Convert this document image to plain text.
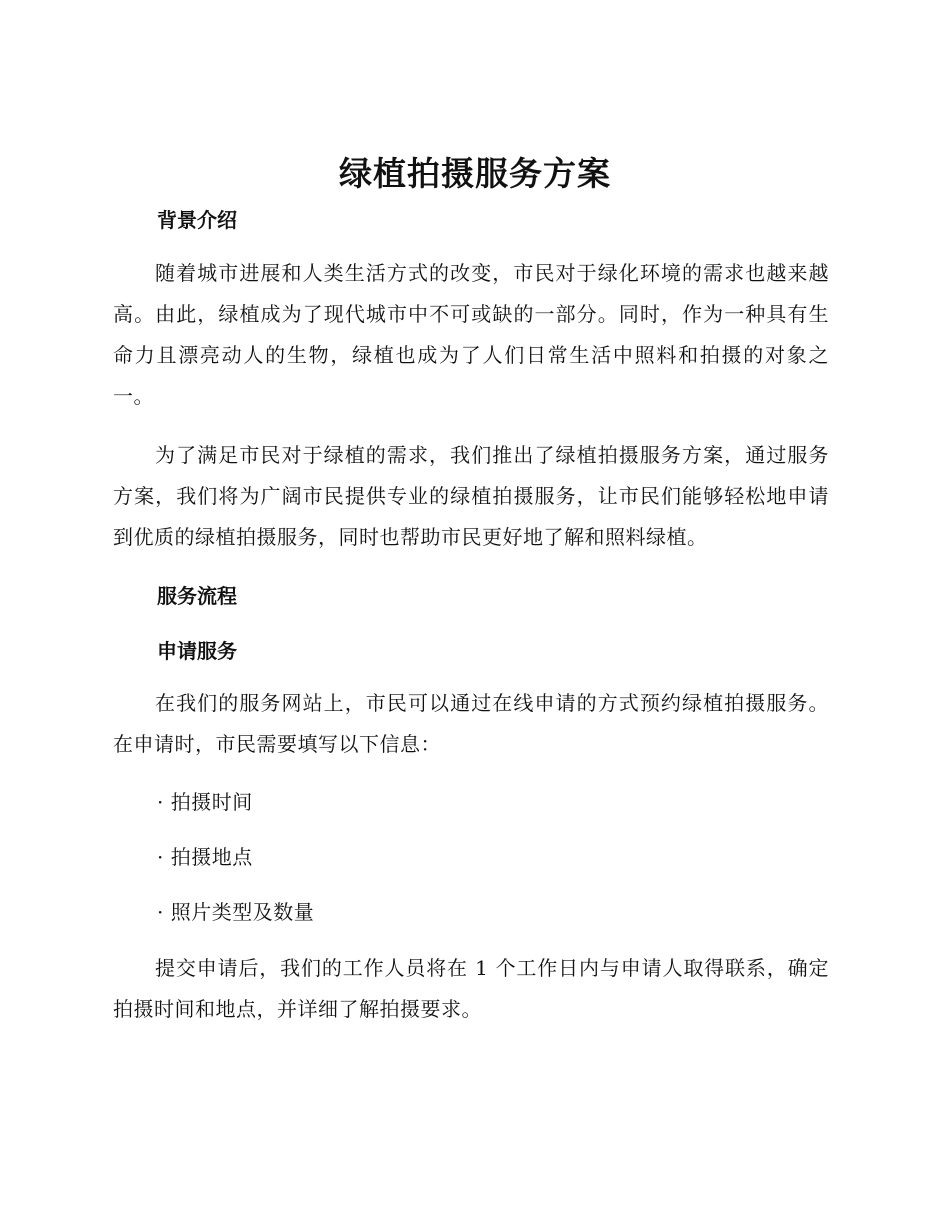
绿植拍摄服务方案
背景介绍

随着城市进展和人类生活方式的改变，市民对于绿化环境的需求也越来越高。由此，绿植成为了现代城市中不可或缺的一部分。同时，作为一种具有生命力且漂亮动人的生物，绿植也成为了人们日常生活中照料和拍摄的对象之一。

为了满足市民对于绿植的需求，我们推出了绿植拍摄服务方案，通过服务方案，我们将为广阔市民提供专业的绿植拍摄服务，让市民们能够轻松地申请到优质的绿植拍摄服务，同时也帮助市民更好地了解和照料绿植。

服务流程
申请服务

在我们的服务网站上，市民可以通过在线申请的方式预约绿植拍摄服务。在申请时，市民需要填写以下信息：

· 拍摄时间

· 拍摄地点

· 照片类型及数量

提交申请后，我们的工作人员将在 1 个工作日内与申请人取得联系，确定拍摄时间和地点，并详细了解拍摄要求。
